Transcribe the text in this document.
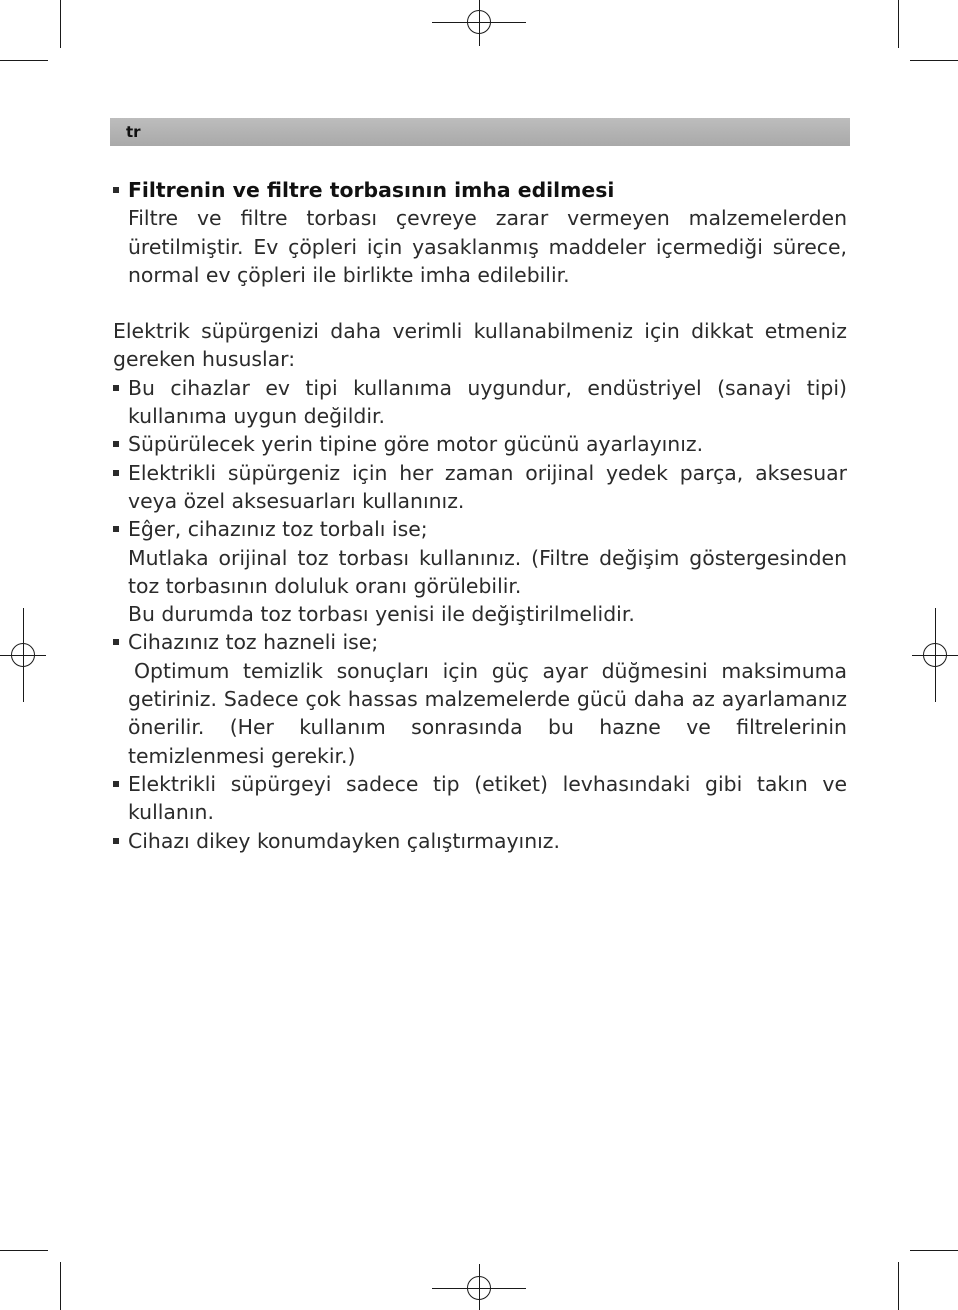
tr
Filtrenin ve filtre torbasının imha edilmesi
Filtre ve filtre torbası çevreye zarar vermeyen malzemelerden üretilmiştir. Ev çöpleri için yasaklanmış maddeler içermediği sürece, normal ev çöpleri ile birlikte imha edilebilir.

Elektrik süpürgenizi daha verimli kullanabilmeniz için dikkat etmeniz gereken hususlar:

Bu cihazlar ev tipi kullanıma uygundur, endüstriyel (sanayi tipi) kullanıma uygun değildir.
Süpürülecek yerin tipine göre motor gücünü ayarlayınız.
Elektrikli süpürgeniz için her zaman orijinal yedek parça, aksesuar veya özel aksesuarları kullanınız.
Eĝer, cihazınız toz torbalı ise;
Mutlaka orijinal toz torbası kullanınız. (Filtre değişim göstergesinden toz torbasının doluluk oranı görülebilir.
Bu durumda toz torbası yenisi ile değiştirilmelidir.
Cihazınız toz hazneli ise;
Optimum temizlik sonuçları için güç ayar düğmesini maksimuma getiriniz. Sadece çok hassas malzemelerde gücü daha az ayarlamanız önerilir. (Her kullanım sonrasında bu hazne ve filtrelerinin temizlenmesi gerekir.)
Elektrikli süpürgeyi sadece tip (etiket) levhasındaki gibi takın ve kullanın.
Cihazı dikey konumdayken çalıştırmayınız.
